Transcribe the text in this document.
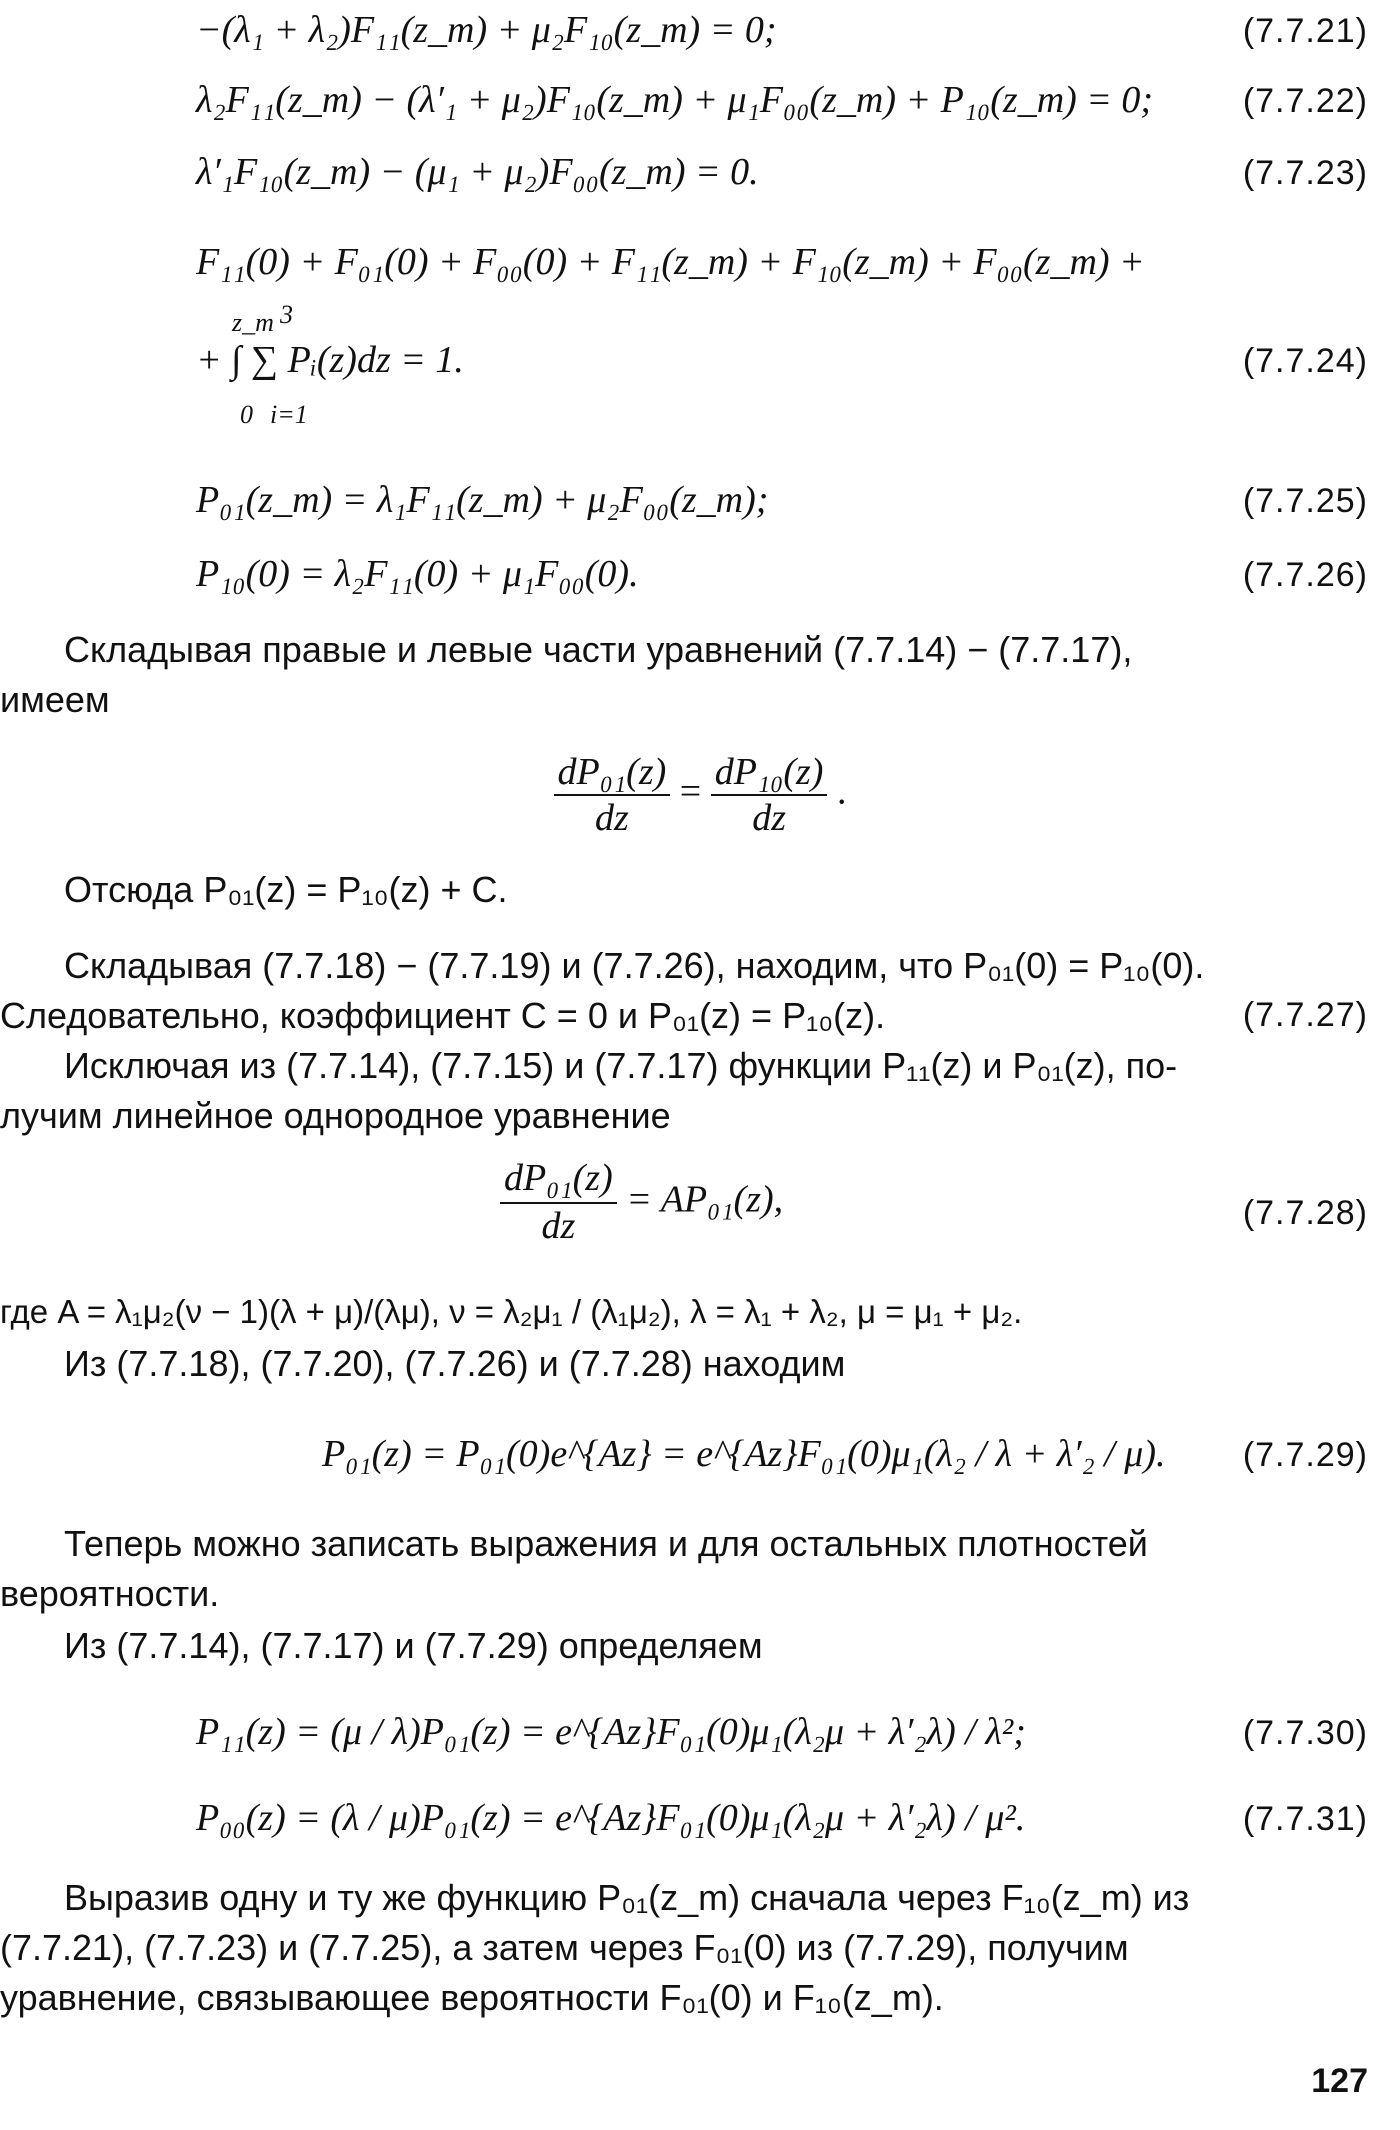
−(λ₁ + λ₂)F₁₁(z_m) + μ₂F₁₀(z_m) = 0;	(7.7.21)
λ₂F₁₁(z_m) − (λ′₁ + μ₂)F₁₀(z_m) + μ₁F₀₀(z_m) + P₁₀(z_m) = 0;	(7.7.22)
λ′₁F₁₀(z_m) − (μ₁ + μ₂)F₀₀(z_m) = 0.	(7.7.23)
F₁₁(0) + F₀₁(0) + F₀₀(0) + F₁₁(z_m) + F₁₀(z_m) + F₀₀(z_m) +
z_m 3
+ ∫ ∑ Pᵢ(z)dz = 1.
0 i=1
(7.7.24)
P₀₁(z_m) = λ₁F₁₁(z_m) + μ₂F₀₀(z_m);	(7.7.25)
P₁₀(0) = λ₂F₁₁(0) + μ₁F₀₀(0).	(7.7.26)
Складывая правые и левые части уравнений (7.7.14) − (7.7.17),
имеем
$\frac{\text{dP₀₁(z)}}{dz} = \frac{\text{dP₁₀(z)}}{dz}$ .
Отсюда P₀₁(z) = P₁₀(z) + C.
Складывая (7.7.18) − (7.7.19) и (7.7.26), находим, что P₀₁(0) = P₁₀(0).
Следовательно, коэффициент C = 0 и P₀₁(z) = P₁₀(z).	(7.7.27)
Исключая из (7.7.14), (7.7.15) и (7.7.17) функции P₁₁(z) и P₀₁(z), по-
лучим линейное однородное уравнение
$\frac{\text{dP₀₁(z)}}{dz} = AP_{01}(z)$,	(7.7.28)
где A = λ₁μ₂(ν − 1)(λ + μ)/(λμ), ν = λ₂μ₁ / (λ₁μ₂), λ = λ₁ + λ₂, μ = μ₁ + μ₂.
Из (7.7.18), (7.7.20), (7.7.26) и (7.7.28) находим
P₀₁(z) = P₀₁(0)e^{Az} = e^{Az}F₀₁(0)μ₁(λ₂ / λ + λ′₂ / μ). (7.7.29)
Теперь можно записать выражения и для остальных плотностей
вероятности.
Из (7.7.14), (7.7.17) и (7.7.29) определяем
P₁₁(z) = (μ / λ)P₀₁(z) = e^{Az}F₀₁(0)μ₁(λ₂μ + λ′₂λ) / λ²;	(7.7.30)
P₀₀(z) = (λ / μ)P₀₁(z) = e^{Az}F₀₁(0)μ₁(λ₂μ + λ′₂λ) / μ².	(7.7.31)
Выразив одну и ту же функцию P₀₁(z_m) сначала через F₁₀(z_m) из
(7.7.21), (7.7.23) и (7.7.25), а затем через F₀₁(0) из (7.7.29), получим
уравнение, связывающее вероятности F₀₁(0) и F₁₀(z_m).
127
